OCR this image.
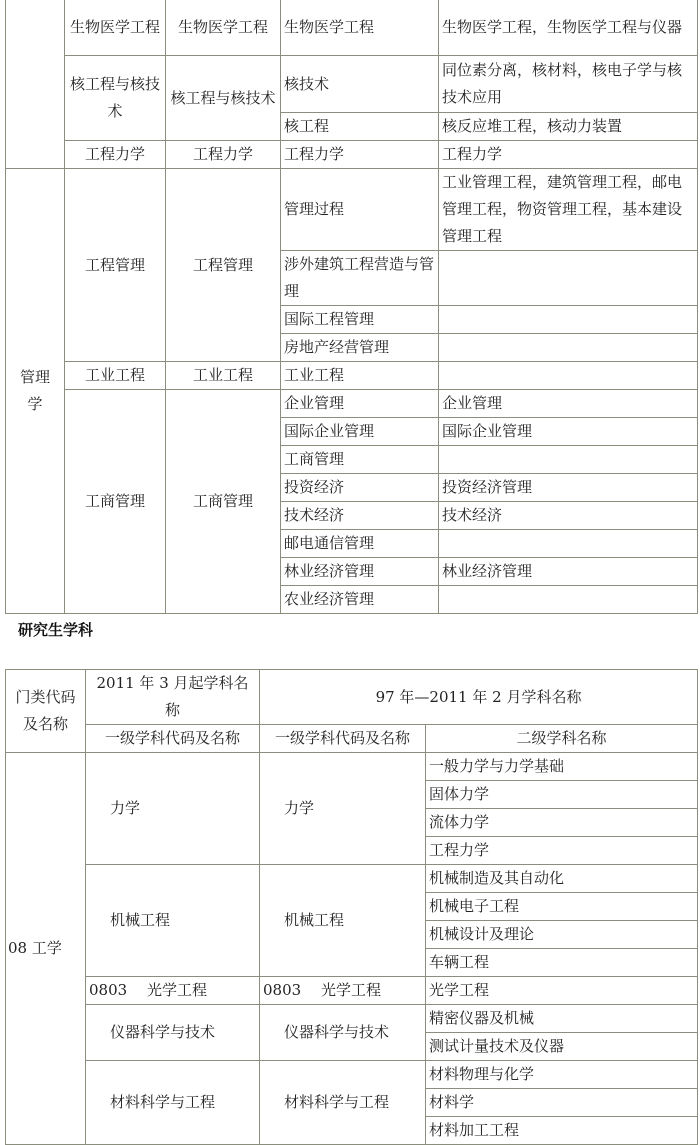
	生物医学工程	生物医学工程	生物医学工程	生物医学工程，生物医学工程与仪器
	核工程与核技术	核工程与核技术	核技术	同位素分离，核材料，核电子学与核技术应用
			核工程	核反应堆工程，核动力装置
	工程力学	工程力学	工程力学	工程力学
管理学	工程管理	工程管理	管理过程	工业管理工程，建筑管理工程，邮电管理工程，物资管理工程，基本建设管理工程
			涉外建筑工程营造与管理	
			国际工程管理	
			房地产经营管理	
	工业工程	工业工程	工业工程	
	工商管理	工商管理	企业管理	企业管理
			国际企业管理	国际企业管理
			工商管理	
			投资经济	投资经济管理
			技术经济	技术经济
			邮电通信管理	
			林业经济管理	林业经济管理
			农业经济管理	
研究生学科
门类代码及名称	2011 年 3 月起学科名称	97 年—2011 年 2 月学科名称	
	一级学科代码及名称	一级学科代码及名称	二级学科名称
08 工学	力学	力学	一般力学与力学基础
			固体力学
			流体力学
			工程力学
	机械工程	机械工程	机械制造及其自动化
			机械电子工程
			机械设计及理论
			车辆工程
	0803　 光学工程	0803　 光学工程	光学工程
	仪器科学与技术	仪器科学与技术	精密仪器及机械
			测试计量技术及仪器
	材料科学与工程	材料科学与工程	材料物理与化学
			材料学
			材料加工工程
